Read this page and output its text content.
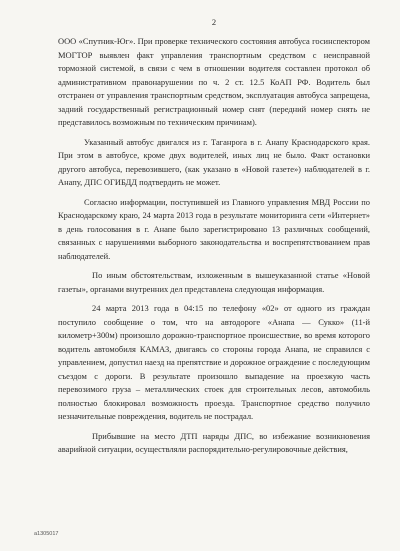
2

ООО «Спутник-Юг». При проверке технического состояния автобуса госинспектором МОГТОР выявлен факт управления транспортным средством с неисправной тормозной системой, в связи с чем в отношении водителя составлен протокол об административном правонарушении по ч. 2 ст. 12.5 КоАП РФ. Водитель был отстранен от управления транспортным средством, эксплуатация автобуса запрещена, задний государственный регистрационный номер снят (передний номер снять не представилось возможным по техническим причинам).

Указанный автобус двигался из г. Таганрога в г. Анапу Краснодарского края. При этом в автобусе, кроме двух водителей, иных лиц не было. Факт остановки другого автобуса, перевозившего, (как указано в «Новой газете») наблюдателей в г. Анапу, ДПС ОГИБДД подтвердить не может.

Согласно информации, поступившей из Главного управления МВД России по Краснодарскому краю, 24 марта 2013 года в результате мониторинга сети «Интернет» в день голосования в г. Анапе было зарегистрировано 13 различных сообщений, связанных с нарушениями выборного законодательства и воспрепятствованием прав наблюдателей.

По иным обстоятельствам, изложенным в вышеуказанной статье «Новой газеты», органами внутренних дел представлена следующая информация.

24 марта 2013 года в 04:15 по телефону «02» от одного из граждан поступило сообщение о том, что на автодороге «Анапа — Сукко» (11-й километр+300м) произошло дорожно-транспортное происшествие, во время которого водитель автомобиля КАМАЗ, двигаясь со стороны города Анапа, не справился с управлением, допустил наезд на препятствие и дорожное ограждение с последующим съездом с дороги. В результате произошло выпадение на проезжую часть перевозимого груза – металлических стоек для строительных лесов, автомобиль полностью блокировал возможность проезда. Транспортное средство получило незначительные повреждения, водитель не пострадал.

Прибывшие на место ДТП наряды ДПС, во избежание возникновения аварийной ситуации, осуществляли распорядительно-регулировочные действия,

a1305017
